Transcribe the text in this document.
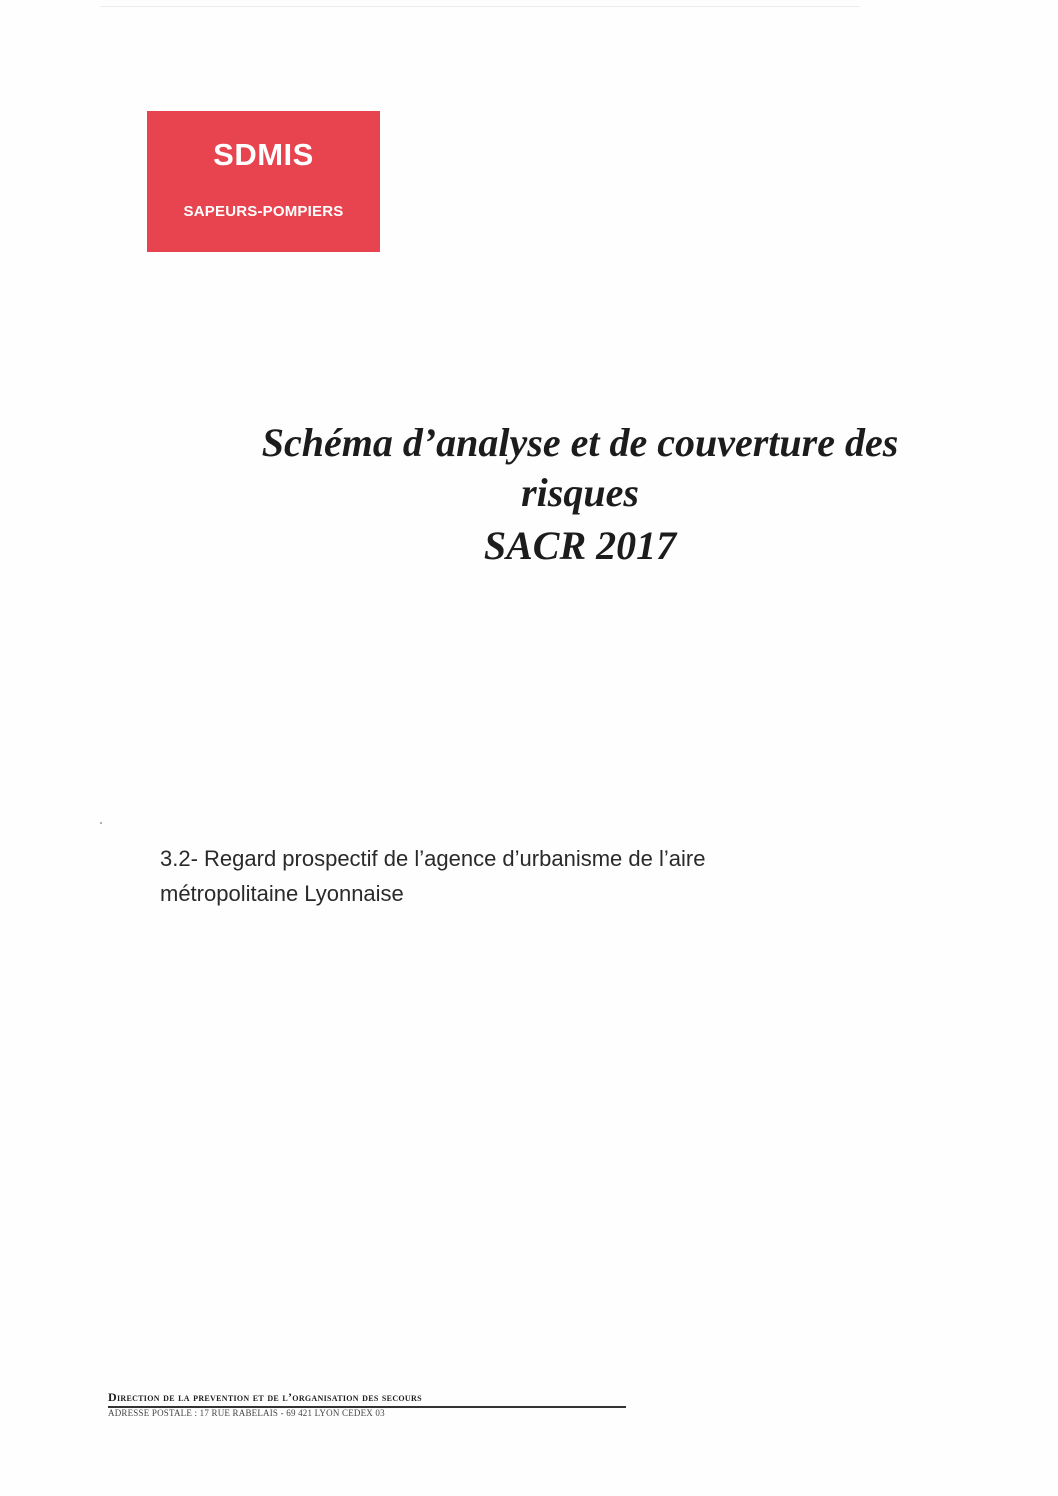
SDMIS
SAPEURS-POMPIERS
Schéma d’analyse et de couverture des
risques
SACR 2017
3.2- Regard prospectif de l’agence d’urbanisme de l’aire
métropolitaine Lyonnaise
Direction de la prevention et de l’organisation des secours
ADRESSE POSTALE : 17 RUE RABELAIS - 69 421 LYON CEDEX 03
